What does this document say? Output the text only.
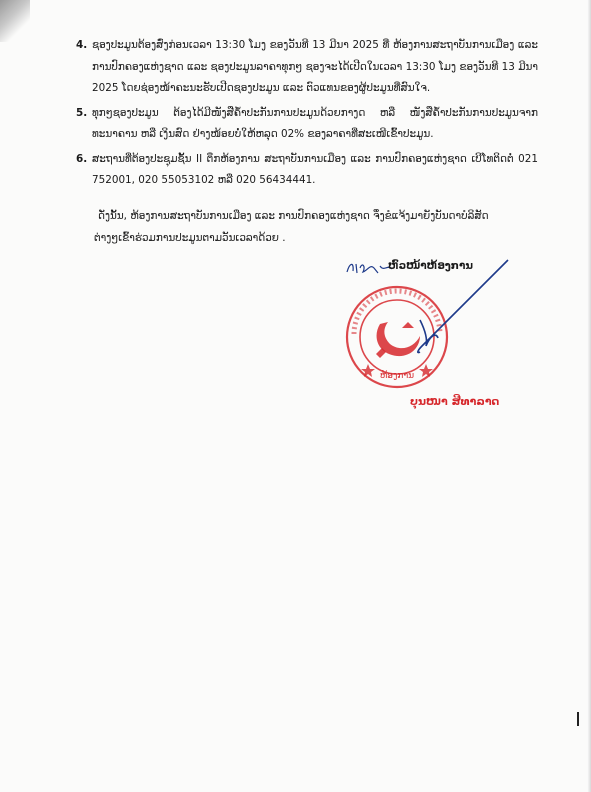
4. ຊອງປະມູນຕ້ອງສົ່ງກ່ອນເວລາ 13:30 ໂມງ ຂອງວັນທີ 13 ມີນາ 2025 ທີ່ ຫ້ອງການສະຖາບັນການເມືອງ ແລະ ການປົກຄອງແຫ່ງຊາດ ແລະ ຊອງປະມູນລາຄາທຸກໆ ຊອງຈະໄດ້ເປີດໃນເວລາ 13:30 ໂມງ ຂອງວັນທີ 13 ມີນາ 2025 ໂດຍຊ່ອງໜ້າຄະນະຮັບເປີດຊອງປະມູນ ແລະ ຕົວແທນຂອງຜູ້ປະມູນທີ່ສົນໃຈ.
5. ທຸກໆຊອງປະມູນ ຕ້ອງໄດ້ມີໜັງສືຄໍ້າປະກັນການປະມູນດ້ວຍກາງດ ຫລື ໜັງສືຄໍ້າປະກັນການປະມູນຈາກທະນາຄານ ຫລື ເງິນສົດ ຢ່າງໜ້ອຍບໍ່ໃຫ້ຫລຸດ 02% ຂອງລາຄາທີ່ສະເໜີເຂົ້າປະມູນ.
6. ສະຖານທີ່ຕ້ອງປະຊຸມຊັ້ນ II ຕຶກຫ້ອງການ ສະຖາບັນການເມືອງ ແລະ ການປົກຄອງແຫ່ງຊາດ ເບີໂທຕິດຕໍ່ 021 752001, 020 55053102 ຫລື 020 56434441.

ດັ່ງນັ້ນ, ຫ້ອງການສະຖາບັນການເມືອງ ແລະ ການປົກຄອງແຫ່ງຊາດ ຈຶ່ງຂໍແຈ້ງມາຍັງບັນດາບໍລິສັດ

ຕ່າງໆເຂົ້າຮ່ວມການປະມູນຕາມວັນເວລາດ້ວຍ .

ຫົວໜ້າຫ້ອງການ
ຫ້ອງການ
ບຸນໜາ ສີທາລາດ
